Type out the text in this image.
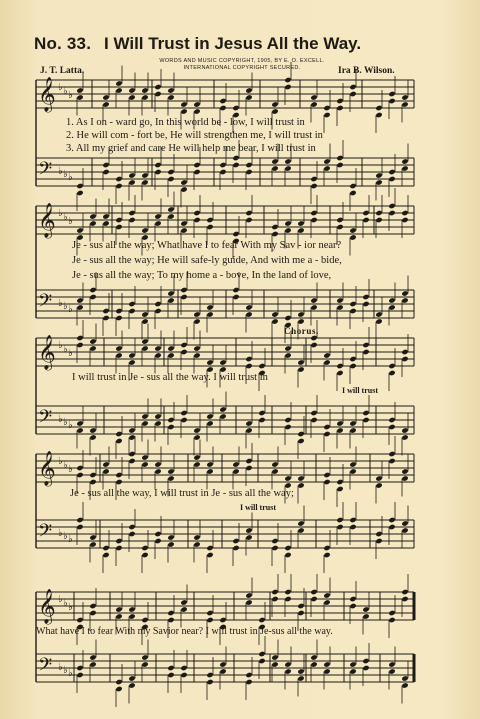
No. 33. I Will Trust in Jesus All the Way.
J. T. Latta.
WORDS AND MUSIC COPYRIGHT, 1905, BY E. O. EXCELL.
INTERNATIONAL COPYRIGHT SECURED.	Ira B. Wilson.
𝄞 ♭ ♭ ♭
𝄢 ♭ ♭ ♭
𝄞 ♭ ♭ ♭
𝄢 ♭ ♭ ♭
𝄞 ♭ ♭ ♭
𝄢 ♭ ♭ ♭
𝄞 ♭ ♭ ♭
𝄢 ♭ ♭ ♭
𝄞 ♭ ♭ ♭
𝄢 ♭ ♭ ♭
1. As I on - ward go, In this world be - low, I will trust in
2. He will com - fort be, He will strengthen me, I will trust in
3. All my grief and care He will help me bear, I will trust in
Je - sus all the way; What have I to fear With my Sav - ior near?
Je - sus all the way; He will safe-ly guide, And with me a - bide,
Je - sus all the way; To my home a - bove, In the land of love,
Chorus.
I will trust in Je - sus all the way. I will trust in
I will trust
Je - sus all the way, I will trust in Je - sus all the way;
I will trust
What have I to fear With my Savior near? I will trust in Je-sus all the way.
